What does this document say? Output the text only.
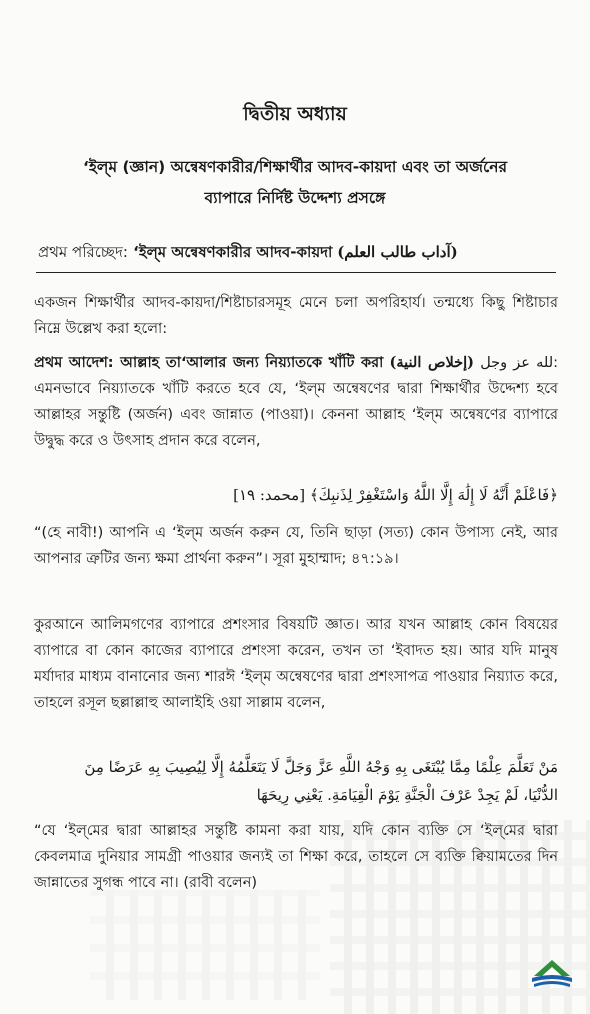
দ্বিতীয় অধ্যায়
‘ইল্‌ম (জ্ঞান) অন্বেষণকারীর/শিক্ষার্থীর আদব-কায়দা এবং তা অর্জনের
ব্যাপারে নির্দিষ্ট উদ্দেশ্য প্রসঙ্গে
প্রথম পরিচ্ছেদ: ‘ইল্‌ম অন্বেষণকারীর আদব-কায়দা (آداب طالب العلم)
একজন শিক্ষার্থীর আদব-কায়দা/শিষ্টাচারসমূহ মেনে চলা অপরিহার্য। তন্মধ্যে কিছু শিষ্টাচার নিম্নে উল্লেখ করা হলো:
প্রথম আদেশ: আল্লাহ তা‘আলার জন্য নিয়্যাতকে খাঁটি করা (إخلاص النية) لله عز وجل: এমনভাবে নিয়্যাতকে খাঁটি করতে হবে যে, ‘ইল্‌ম অন্বেষণের দ্বারা শিক্ষার্থীর উদ্দেশ্য হবে আল্লাহর সন্তুষ্টি (অর্জন) এবং জান্নাত (পাওয়া)। কেননা আল্লাহ ‘ইল্‌ম অন্বেষণের ব্যাপারে উদ্বুদ্ধ করে ও উৎসাহ প্রদান করে বলেন,
﴿فَاعْلَمْ أَنَّهُ لَا إِلَٰهَ إِلَّا اللَّهُ وَاسْتَغْفِرْ لِذَنبِكَ﴾ [محمد: ١٩]
“(হে নাবী!) আপনি এ ‘ইল্‌ম অর্জন করুন যে, তিনি ছাড়া (সত্য) কোন উপাস্য নেই, আর আপনার ত্রুটির জন্য ক্ষমা প্রার্থনা করুন”। সূরা মুহাম্মাদ; ৪৭:১৯।
কুরআনে আলিমগণের ব্যাপারে প্রশংসার বিষয়টি জ্ঞাত। আর যখন আল্লাহ কোন বিষয়ের ব্যাপারে বা কোন কাজের ব্যাপারে প্রশংসা করেন, তখন তা ‘ইবাদত হয়। আর যদি মানুষ মর্যাদার মাধ্যম বানানোর জন্য শারঈ ‘ইল্‌ম অন্বেষণের দ্বারা প্রশংসাপত্র পাওয়ার নিয়্যাত করে, তাহলে রসূল ছল্লাল্লাহু আলাইহি ওয়া সাল্লাম বলেন,
مَنْ تَعَلَّمَ عِلْمًا مِمَّا يُبْتَغَى بِهِ وَجْهُ اللَّهِ عَزَّ وَجَلَّ لَا يَتَعَلَّمُهُ إِلَّا لِيُصِيبَ بِهِ عَرَضًا مِنَ
الدُّنْيَا، لَمْ يَجِدْ عَرْفَ الْجَنَّةِ يَوْمَ الْقِيَامَةِ. يَعْنِي رِيحَهَا
“যে ‘ইল্‌মের দ্বারা আল্লাহর সন্তুষ্টি কামনা করা যায়, যদি কোন ব্যক্তি সে ‘ইল্‌মের দ্বারা কেবলমাত্র দুনিয়ার সামগ্রী পাওয়ার জন্যই তা শিক্ষা করে, তাহলে সে ব্যক্তি ক্বিয়ামতের দিন জান্নাতের সুগন্ধ পাবে না। (রাবী বলেন)
